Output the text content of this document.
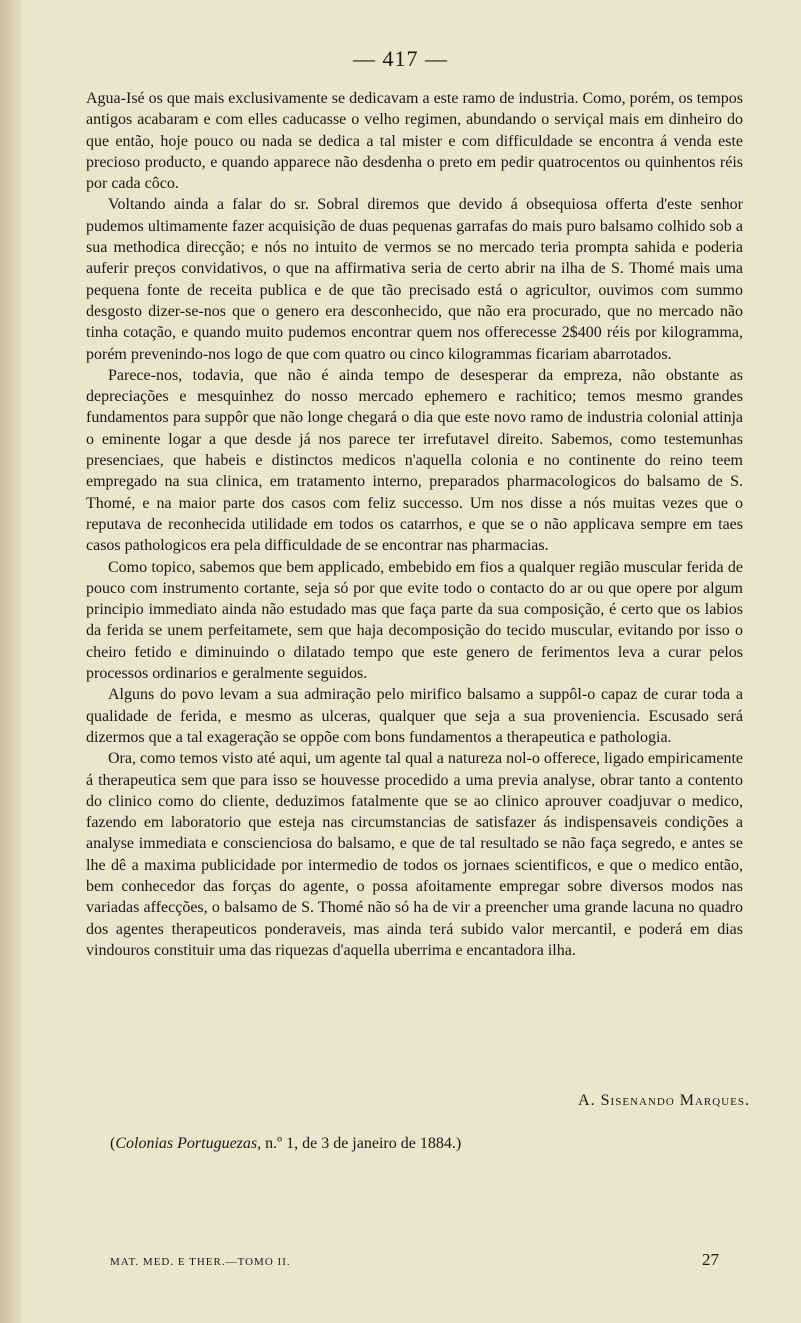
— 417 —

Agua-Isé os que mais exclusivamente se dedicavam a este ramo de industria. Como, porém, os tempos antigos acabaram e com elles caducasse o velho regimen, abundando o serviçal mais em dinheiro do que então, hoje pouco ou nada se dedica a tal mister e com difficuldade se encontra á venda este precioso producto, e quando apparece não desdenha o preto em pedir quatrocentos ou quinhentos réis por cada côco.

Voltando ainda a falar do sr. Sobral diremos que devido á obsequiosa offerta d'este senhor pudemos ultimamente fazer acquisição de duas pequenas garrafas do mais puro balsamo colhido sob a sua methodica direcção; e nós no intuito de vermos se no mercado teria prompta sahida e poderia auferir preços convidativos, o que na affirmativa seria de certo abrir na ilha de S. Thomé mais uma pequena fonte de receita publica e de que tão precisado está o agricultor, ouvimos com summo desgosto dizer-se-nos que o genero era desconhecido, que não era procurado, que no mercado não tinha cotação, e quando muito pudemos encontrar quem nos offerecesse 2$400 réis por kilogramma, porém prevenindo-nos logo de que com quatro ou cinco kilogrammas ficariam abarrotados.

Parece-nos, todavia, que não é ainda tempo de desesperar da empreza, não obstante as depreciações e mesquinhez do nosso mercado ephemero e rachitico; temos mesmo grandes fundamentos para suppôr que não longe chegará o dia que este novo ramo de industria colonial attinja o eminente logar a que desde já nos parece ter irrefutavel direito. Sabemos, como testemunhas presenciaes, que habeis e distinctos medicos n'aquella colonia e no continente do reino teem empregado na sua clinica, em tratamento interno, preparados pharmacologicos do balsamo de S. Thomé, e na maior parte dos casos com feliz successo. Um nos disse a nós muitas vezes que o reputava de reconhecida utilidade em todos os catarrhos, e que se o não applicava sempre em taes casos pathologicos era pela difficuldade de se encontrar nas pharmacias.

Como topico, sabemos que bem applicado, embebido em fios a qualquer região muscular ferida de pouco com instrumento cortante, seja só por que evite todo o contacto do ar ou que opere por algum principio immediato ainda não estudado mas que faça parte da sua composição, é certo que os labios da ferida se unem perfeitamete, sem que haja decomposição do tecido muscular, evitando por isso o cheiro fetido e diminuindo o dilatado tempo que este genero de ferimentos leva a curar pelos processos ordinarios e geralmente seguidos.

Alguns do povo levam a sua admiração pelo mirifico balsamo a suppôl-o capaz de curar toda a qualidade de ferida, e mesmo as ulceras, qualquer que seja a sua proveniencia. Escusado será dizermos que a tal exageração se oppõe com bons fundamentos a therapeutica e pathologia.

Ora, como temos visto até aqui, um agente tal qual a natureza nol-o offerece, ligado empiricamente á therapeutica sem que para isso se houvesse procedido a uma previa analyse, obrar tanto a contento do clinico como do cliente, deduzimos fatalmente que se ao clinico aprouver coadjuvar o medico, fazendo em laboratorio que esteja nas circumstancias de satisfazer ás indispensaveis condições a analyse immediata e conscienciosa do balsamo, e que de tal resultado se não faça segredo, e antes se lhe dê a maxima publicidade por intermedio de todos os jornaes scientificos, e que o medico então, bem conhecedor das forças do agente, o possa afoitamente empregar sobre diversos modos nas variadas affecções, o balsamo de S. Thomé não só ha de vir a preencher uma grande lacuna no quadro dos agentes therapeuticos ponderaveis, mas ainda terá subido valor mercantil, e poderá em dias vindouros constituir uma das riquezas d'aquella uberrima e encantadora ilha.

A. Sisenando Marques.
(Colonias Portuguezas, n.º 1, de 3 de janeiro de 1884.)
MAT. MED. E THER.—TOMO II.	27
